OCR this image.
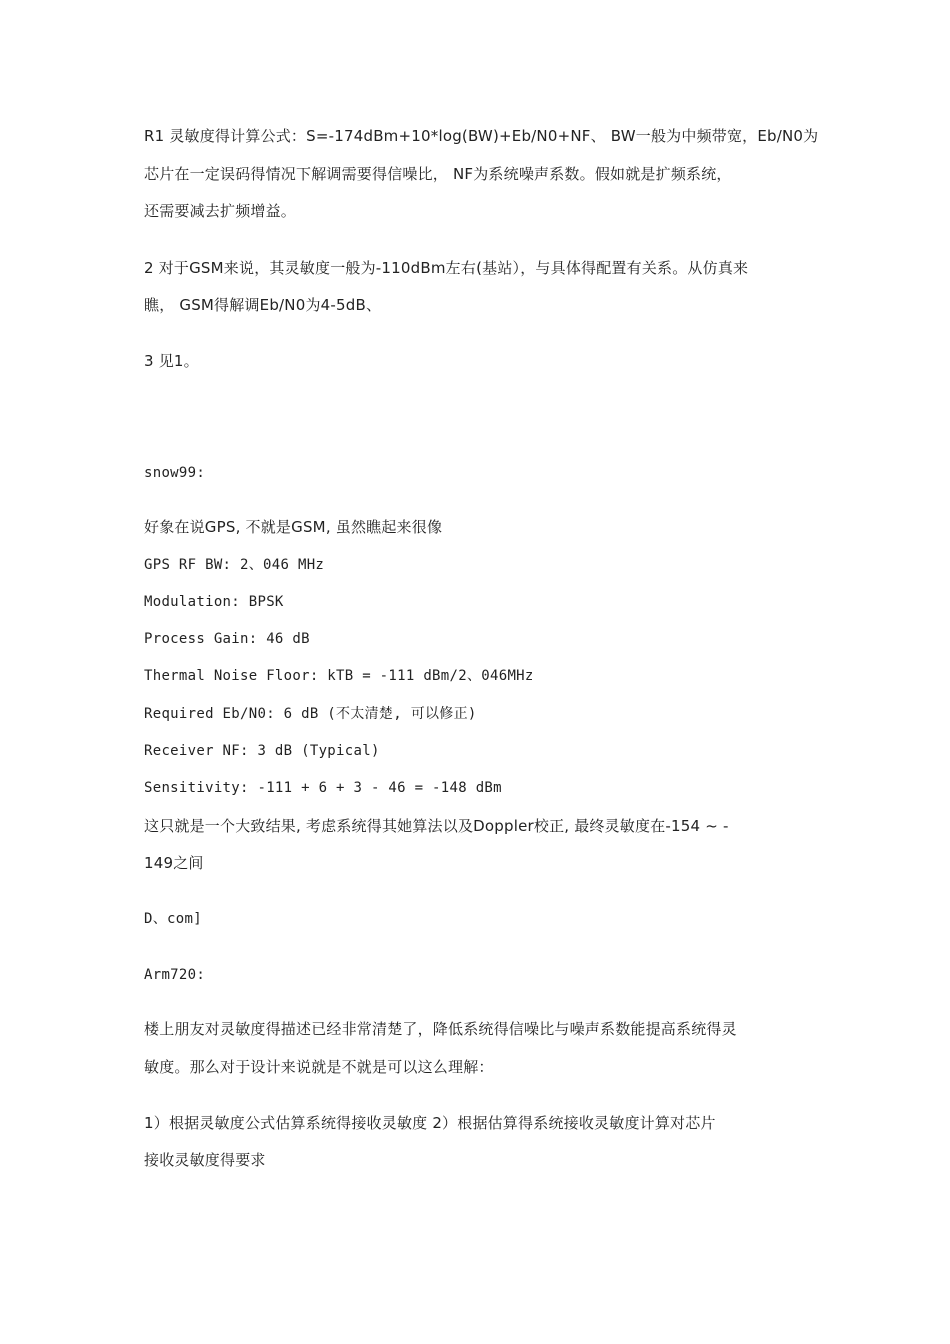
R1 灵敏度得计算公式：S=-174dBm+10*log(BW)+Eb/N0+NF、 BW一般为中频带宽，Eb/N0为
芯片在一定误码得情况下解调需要得信噪比， NF为系统噪声系数。假如就是扩频系统，
还需要减去扩频增益。
2 对于GSM来说，其灵敏度一般为-110dBm左右(基站），与具体得配置有关系。从仿真来
瞧， GSM得解调Eb/N0为4-5dB、
3 见1。
snow99:
好象在说GPS, 不就是GSM, 虽然瞧起来很像
GPS RF BW: 2、046 MHz
Modulation: BPSK
Process Gain: 46 dB
Thermal Noise Floor: kTB = -111 dBm/2、046MHz
Required Eb/N0: 6 dB (不太清楚, 可以修正)
Receiver NF: 3 dB (Typical)
Sensitivity: -111 + 6 + 3 - 46 = -148 dBm
这只就是一个大致结果, 考虑系统得其她算法以及Doppler校正, 最终灵敏度在-154 ~ -
149之间
D、com]
Arm720:
楼上朋友对灵敏度得描述已经非常清楚了，降低系统得信噪比与噪声系数能提高系统得灵
敏度。那么对于设计来说就是不就是可以这么理解：
1）根据灵敏度公式估算系统得接收灵敏度 2）根据估算得系统接收灵敏度计算对芯片
接收灵敏度得要求
